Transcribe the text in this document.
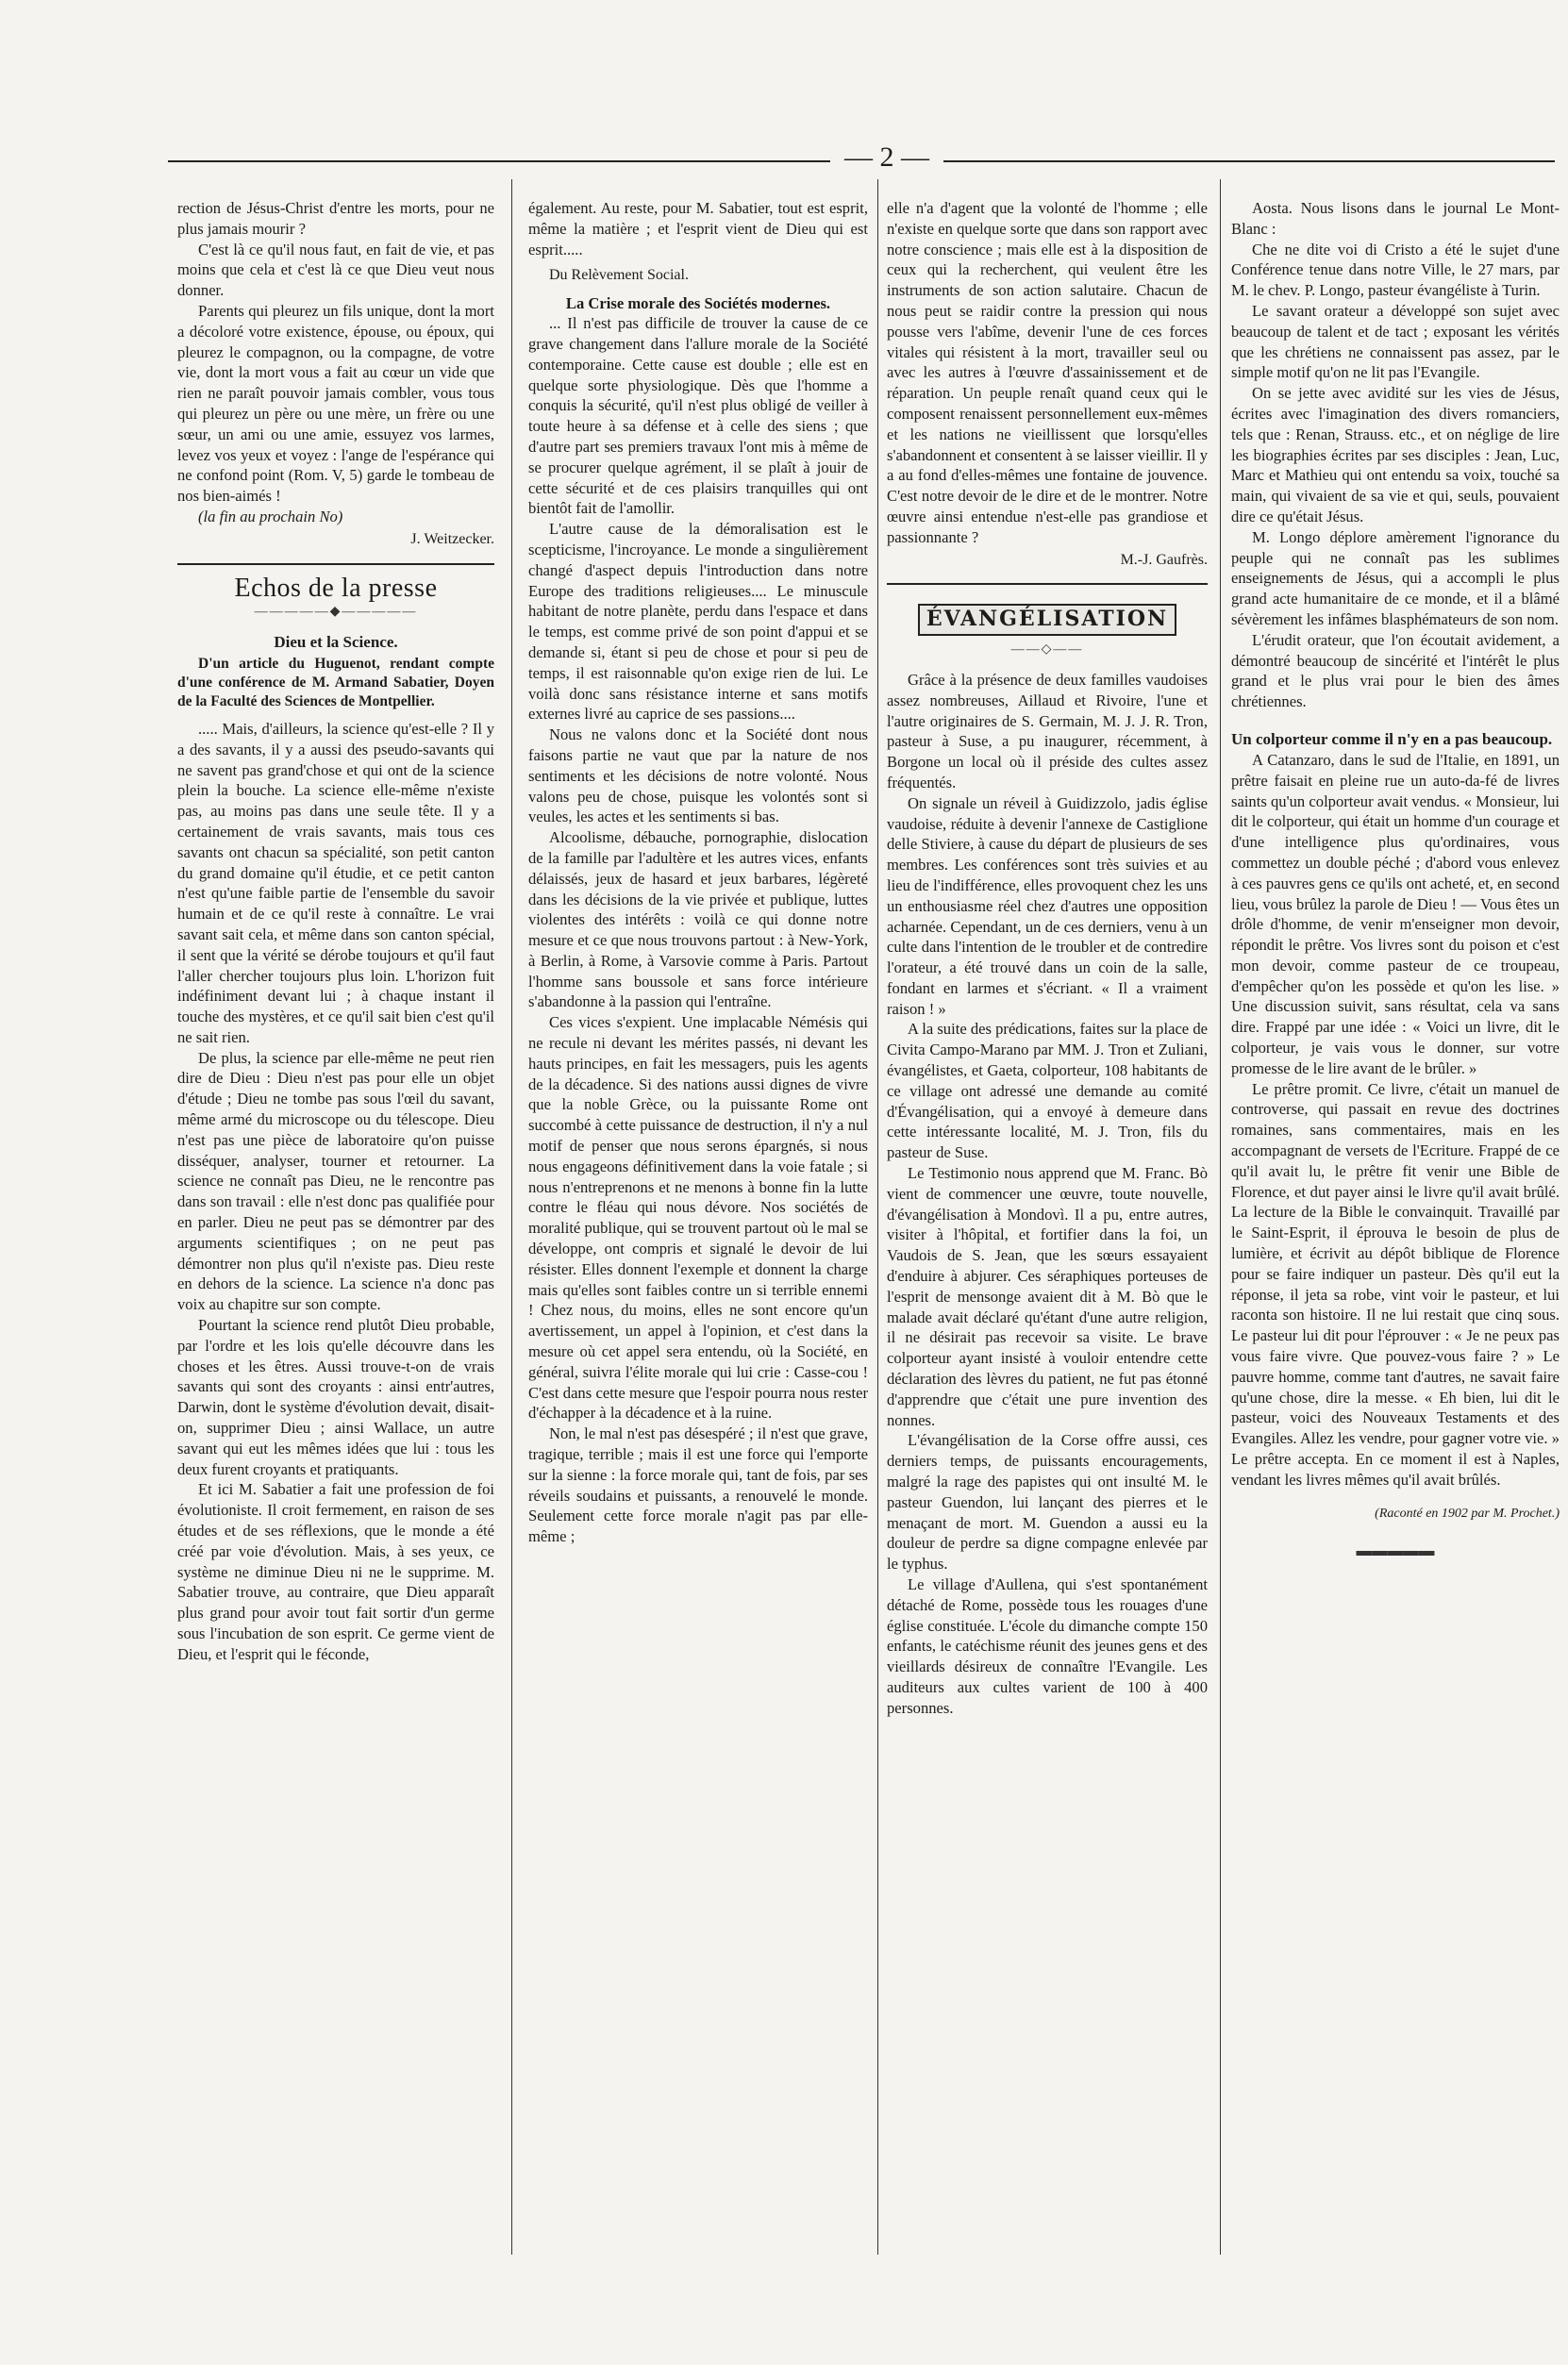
— 2 —

rection de Jésus-Christ d'entre les morts, pour ne plus jamais mourir ?

C'est là ce qu'il nous faut, en fait de vie, et pas moins que cela et c'est là ce que Dieu veut nous donner.

Parents qui pleurez un fils unique, dont la mort a décoloré votre existence, épouse, ou époux, qui pleurez le compagnon, ou la compagne, de votre vie, dont la mort vous a fait au cœur un vide que rien ne paraît pouvoir jamais combler, vous tous qui pleurez un père ou une mère, un frère ou une sœur, un ami ou une amie, essuyez vos larmes, levez vos yeux et voyez : l'ange de l'espérance qui ne confond point (Rom. V, 5) garde le tombeau de nos bien-aimés !

(la fin au prochain No)

J. Weitzecker.
Echos de la presse
—————◆—————
Dieu et la Science.
D'un article du Huguenot, rendant compte d'une conférence de M. Armand Sabatier, Doyen de la Faculté des Sciences de Montpellier.

..... Mais, d'ailleurs, la science qu'est-elle ? Il y a des savants, il y a aussi des pseudo-savants qui ne savent pas grand'chose et qui ont de la science plein la bouche. La science elle-même n'existe pas, au moins pas dans une seule tête. Il y a certainement de vrais savants, mais tous ces savants ont chacun sa spécialité, son petit canton du grand domaine qu'il étudie, et ce petit canton n'est qu'une faible partie de l'ensemble du savoir humain et de ce qu'il reste à connaître. Le vrai savant sait cela, et même dans son canton spécial, il sent que la vérité se dérobe toujours et qu'il faut l'aller chercher toujours plus loin. L'horizon fuit indéfiniment devant lui ; à chaque instant il touche des mystères, et ce qu'il sait bien c'est qu'il ne sait rien.

De plus, la science par elle-même ne peut rien dire de Dieu : Dieu n'est pas pour elle un objet d'étude ; Dieu ne tombe pas sous l'œil du savant, même armé du microscope ou du télescope. Dieu n'est pas une pièce de laboratoire qu'on puisse disséquer, analyser, tourner et retourner. La science ne connaît pas Dieu, ne le rencontre pas dans son travail : elle n'est donc pas qualifiée pour en parler. Dieu ne peut pas se démontrer par des arguments scientifiques ; on ne peut pas démontrer non plus qu'il n'existe pas. Dieu reste en dehors de la science. La science n'a donc pas voix au chapitre sur son compte.

Pourtant la science rend plutôt Dieu probable, par l'ordre et les lois qu'elle découvre dans les choses et les êtres. Aussi trouve-t-on de vrais savants qui sont des croyants : ainsi entr'autres, Darwin, dont le système d'évolution devait, disait-on, supprimer Dieu ; ainsi Wallace, un autre savant qui eut les mêmes idées que lui : tous les deux furent croyants et pratiquants.

Et ici M. Sabatier a fait une profession de foi évolutioniste. Il croit fermement, en raison de ses études et de ses réflexions, que le monde a été créé par voie d'évolution. Mais, à ses yeux, ce système ne diminue Dieu ni ne le supprime. M. Sabatier trouve, au contraire, que Dieu apparaît plus grand pour avoir tout fait sortir d'un germe sous l'incubation de son esprit. Ce germe vient de Dieu, et l'esprit qui le féconde,

également. Au reste, pour M. Sabatier, tout est esprit, même la matière ; et l'esprit vient de Dieu qui est esprit.....

Du Relèvement Social.
La Crise morale des Sociétés modernes.

... Il n'est pas difficile de trouver la cause de ce grave changement dans l'allure morale de la Société contemporaine. Cette cause est double ; elle est en quelque sorte physiologique. Dès que l'homme a conquis la sécurité, qu'il n'est plus obligé de veiller à toute heure à sa défense et à celle des siens ; que d'autre part ses premiers travaux l'ont mis à même de se procurer quelque agrément, il se plaît à jouir de cette sécurité et de ces plaisirs tranquilles qui ont bientôt fait de l'amollir.

L'autre cause de la démoralisation est le scepticisme, l'incroyance. Le monde a singulièrement changé d'aspect depuis l'introduction dans notre Europe des traditions religieuses.... Le minuscule habitant de notre planète, perdu dans l'espace et dans le temps, est comme privé de son point d'appui et se demande si, étant si peu de chose et pour si peu de temps, il est raisonnable qu'on exige rien de lui. Le voilà donc sans résistance interne et sans motifs externes livré au caprice de ses passions....

Nous ne valons donc et la Société dont nous faisons partie ne vaut que par la nature de nos sentiments et les décisions de notre volonté. Nous valons peu de chose, puisque les volontés sont si veules, les actes et les sentiments si bas.

Alcoolisme, débauche, pornographie, dislocation de la famille par l'adultère et les autres vices, enfants délaissés, jeux de hasard et jeux barbares, légèreté dans les décisions de la vie privée et publique, luttes violentes des intérêts : voilà ce qui donne notre mesure et ce que nous trouvons partout : à New-York, à Berlin, à Rome, à Varsovie comme à Paris. Partout l'homme sans boussole et sans force intérieure s'abandonne à la passion qui l'entraîne.

Ces vices s'expient. Une implacable Némésis qui ne recule ni devant les mérites passés, ni devant les hauts principes, en fait les messagers, puis les agents de la décadence. Si des nations aussi dignes de vivre que la noble Grèce, ou la puissante Rome ont succombé à cette puissance de destruction, il n'y a nul motif de penser que nous serons épargnés, si nous nous engageons définitivement dans la voie fatale ; si nous n'entreprenons et ne menons à bonne fin la lutte contre le fléau qui nous dévore. Nos sociétés de moralité publique, qui se trouvent partout où le mal se développe, ont compris et signalé le devoir de lui résister. Elles donnent l'exemple et donnent la charge mais qu'elles sont faibles contre un si terrible ennemi ! Chez nous, du moins, elles ne sont encore qu'un avertissement, un appel à l'opinion, et c'est dans la mesure où cet appel sera entendu, où la Société, en général, suivra l'élite morale qui lui crie : Casse-cou ! C'est dans cette mesure que l'espoir pourra nous rester d'échapper à la décadence et à la ruine.

Non, le mal n'est pas désespéré ; il n'est que grave, tragique, terrible ; mais il est une force qui l'emporte sur la sienne : la force morale qui, tant de fois, par ses réveils soudains et puissants, a renouvelé le monde. Seulement cette force morale n'agit pas par elle-même ;

elle n'a d'agent que la volonté de l'homme ; elle n'existe en quelque sorte que dans son rapport avec notre conscience ; mais elle est à la disposition de ceux qui la recherchent, qui veulent être les instruments de son action salutaire. Chacun de nous peut se raidir contre la pression qui nous pousse vers l'abîme, devenir l'une de ces forces vitales qui résistent à la mort, travailler seul ou avec les autres à l'œuvre d'assainissement et de réparation. Un peuple renaît quand ceux qui le composent renaissent personnellement eux-mêmes et les nations ne vieillissent que lorsqu'elles s'abandonnent et consentent à se laisser vieillir. Il y a au fond d'elles-mêmes une fontaine de jouvence. C'est notre devoir de le dire et de le montrer. Notre œuvre ainsi entendue n'est-elle pas grandiose et passionnante ?

M.-J. Gaufrès.
ÉVANGÉLISATION
——◇——

Grâce à la présence de deux familles vaudoises assez nombreuses, Aillaud et Rivoire, l'une et l'autre originaires de S. Germain, M. J. J. R. Tron, pasteur à Suse, a pu inaugurer, récemment, à Borgone un local où il préside des cultes assez fréquentés.

On signale un réveil à Guidizzolo, jadis église vaudoise, réduite à devenir l'annexe de Castiglione delle Stiviere, à cause du départ de plusieurs de ses membres. Les conférences sont très suivies et au lieu de l'indifférence, elles provoquent chez les uns un enthousiasme réel chez d'autres une opposition acharnée. Cependant, un de ces derniers, venu à un culte dans l'intention de le troubler et de contredire l'orateur, a été trouvé dans un coin de la salle, fondant en larmes et s'écriant. « Il a vraiment raison ! »

A la suite des prédications, faites sur la place de Civita Campo-Marano par MM. J. Tron et Zuliani, évangélistes, et Gaeta, colporteur, 108 habitants de ce village ont adressé une demande au comité d'Évangélisation, qui a envoyé à demeure dans cette intéressante localité, M. J. Tron, fils du pasteur de Suse.

Le Testimonio nous apprend que M. Franc. Bò vient de commencer une œuvre, toute nouvelle, d'évangélisation à Mondovì. Il a pu, entre autres, visiter à l'hôpital, et fortifier dans la foi, un Vaudois de S. Jean, que les sœurs essayaient d'enduire à abjurer. Ces séraphiques porteuses de l'esprit de mensonge avaient dit à M. Bò que le malade avait déclaré qu'étant d'une autre religion, il ne désirait pas recevoir sa visite. Le brave colporteur ayant insisté à vouloir entendre cette déclaration des lèvres du patient, ne fut pas étonné d'apprendre que c'était une pure invention des nonnes.

L'évangélisation de la Corse offre aussi, ces derniers temps, de puissants encouragements, malgré la rage des papistes qui ont insulté M. le pasteur Guendon, lui lançant des pierres et le menaçant de mort. M. Guendon a aussi eu la douleur de perdre sa digne compagne enlevée par le typhus.

Le village d'Aullena, qui s'est spontanément détaché de Rome, possède tous les rouages d'une église constituée. L'école du dimanche compte 150 enfants, le catéchisme réunit des jeunes gens et des vieillards désireux de connaître l'Evangile. Les auditeurs aux cultes varient de 100 à 400 personnes.

Aosta. Nous lisons dans le journal Le Mont-Blanc :

Che ne dite voi di Cristo a été le sujet d'une Conférence tenue dans notre Ville, le 27 mars, par M. le chev. P. Longo, pasteur évangéliste à Turin.

Le savant orateur a développé son sujet avec beaucoup de talent et de tact ; exposant les vérités que les chrétiens ne connaissent pas assez, par le simple motif qu'on ne lit pas l'Evangile.

On se jette avec avidité sur les vies de Jésus, écrites avec l'imagination des divers romanciers, tels que : Renan, Strauss. etc., et on néglige de lire les biographies écrites par ses disciples : Jean, Luc, Marc et Mathieu qui ont entendu sa voix, touché sa main, qui vivaient de sa vie et qui, seuls, pouvaient dire ce qu'était Jésus.

M. Longo déplore amèrement l'ignorance du peuple qui ne connaît pas les sublimes enseignements de Jésus, qui a accompli le plus grand acte humanitaire de ce monde, et il a blâmé sévèrement les infâmes blasphémateurs de son nom.

L'érudit orateur, que l'on écoutait avidement, a démontré beaucoup de sincérité et l'intérêt le plus grand et le plus vrai pour le bien des âmes chrétiennes.

Un colporteur comme il n'y en a pas beaucoup.

A Catanzaro, dans le sud de l'Italie, en 1891, un prêtre faisait en pleine rue un auto-da-fé de livres saints qu'un colporteur avait vendus. « Monsieur, lui dit le colporteur, qui était un homme d'un courage et d'une intelligence plus qu'ordinaires, vous commettez un double péché ; d'abord vous enlevez à ces pauvres gens ce qu'ils ont acheté, et, en second lieu, vous brûlez la parole de Dieu ! — Vous êtes un drôle d'homme, de venir m'enseigner mon devoir, répondit le prêtre. Vos livres sont du poison et c'est mon devoir, comme pasteur de ce troupeau, d'empêcher qu'on les possède et qu'on les lise. » Une discussion suivit, sans résultat, cela va sans dire. Frappé par une idée : « Voici un livre, dit le colporteur, je vais vous le donner, sur votre promesse de le lire avant de le brûler. »

Le prêtre promit. Ce livre, c'était un manuel de controverse, qui passait en revue des doctrines romaines, sans commentaires, mais en les accompagnant de versets de l'Ecriture. Frappé de ce qu'il avait lu, le prêtre fit venir une Bible de Florence, et dut payer ainsi le livre qu'il avait brûlé. La lecture de la Bible le convainquit. Travaillé par le Saint-Esprit, il éprouva le besoin de plus de lumière, et écrivit au dépôt biblique de Florence pour se faire indiquer un pasteur. Dès qu'il eut la réponse, il jeta sa robe, vint voir le pasteur, et lui raconta son histoire. Il ne lui restait que cinq sous. Le pasteur lui dit pour l'éprouver : « Je ne peux pas vous faire vivre. Que pouvez-vous faire ? » Le pauvre homme, comme tant d'autres, ne savait faire qu'une chose, dire la messe. « Eh bien, lui dit le pasteur, voici des Nouveaux Testaments et des Evangiles. Allez les vendre, pour gagner votre vie. » Le prêtre accepta. En ce moment il est à Naples, vendant les livres mêmes qu'il avait brûlés.

(Raconté en 1902 par M. Prochet.)
▬▬▬▬▬
